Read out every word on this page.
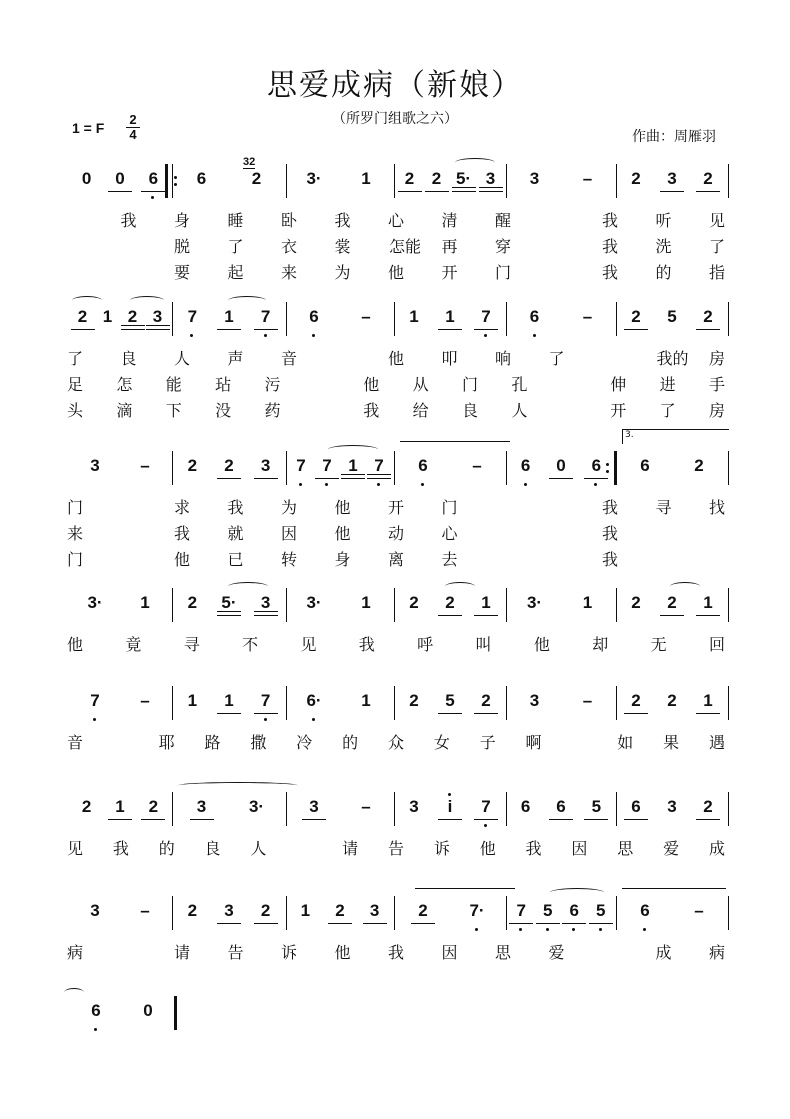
思爱成病（新娘）
（所罗门组歌之六）
1 = F
2
4	作曲：周雁羽
0 0 6 6	2	3· 1 2 2 5· 3 3	– 2 3 2
我 身 睡 卧 我 心 清 醒	我 听 见
脱 了 衣 裳 怎能 再 穿	我 洗 了
要 起 来 为 他 开 门	我 的 指
32
2 1 2 3 7 1 7 6	– 1 1 7 6	– 2 5 2
了 良 人 声 音	他 叩 响 了	我的 房
足 怎 能 玷 污	他 从 门 孔	伸 进 手
头 滴 下 没 药	我 给 良 人	开 了 房
3 – 2 2 3 7 7 1 7 6	– 6 0 6 6	2
门	求 我 为 他 开 门	我 寻 找
来	我 就 因 他 动 心	我
门	他 已 转 身 离 去	我
3.
3· 1 2 5· 3 3· 1 2 2 1 3· 1 2 2 1
他	竟	寻	不	见	我	呼	叫	他	却	无	回
7 – 1 1 7 6· 1 2 5 2 3	– 2 2 1
音	耶 路 撒 冷 的 众 女 子 啊	如 果 遇
2 1 2 3	3·	3	– 3	i	7 6 6 5 6 3 2
见 我 的 良 人	请 告 诉 他 我 因 思 爱 成
3 – 2 3 2 1 2 3 2 7· 7 5 6 5 6	–
病	请 告 诉 他 我 因 思 爱	成 病
6	0
